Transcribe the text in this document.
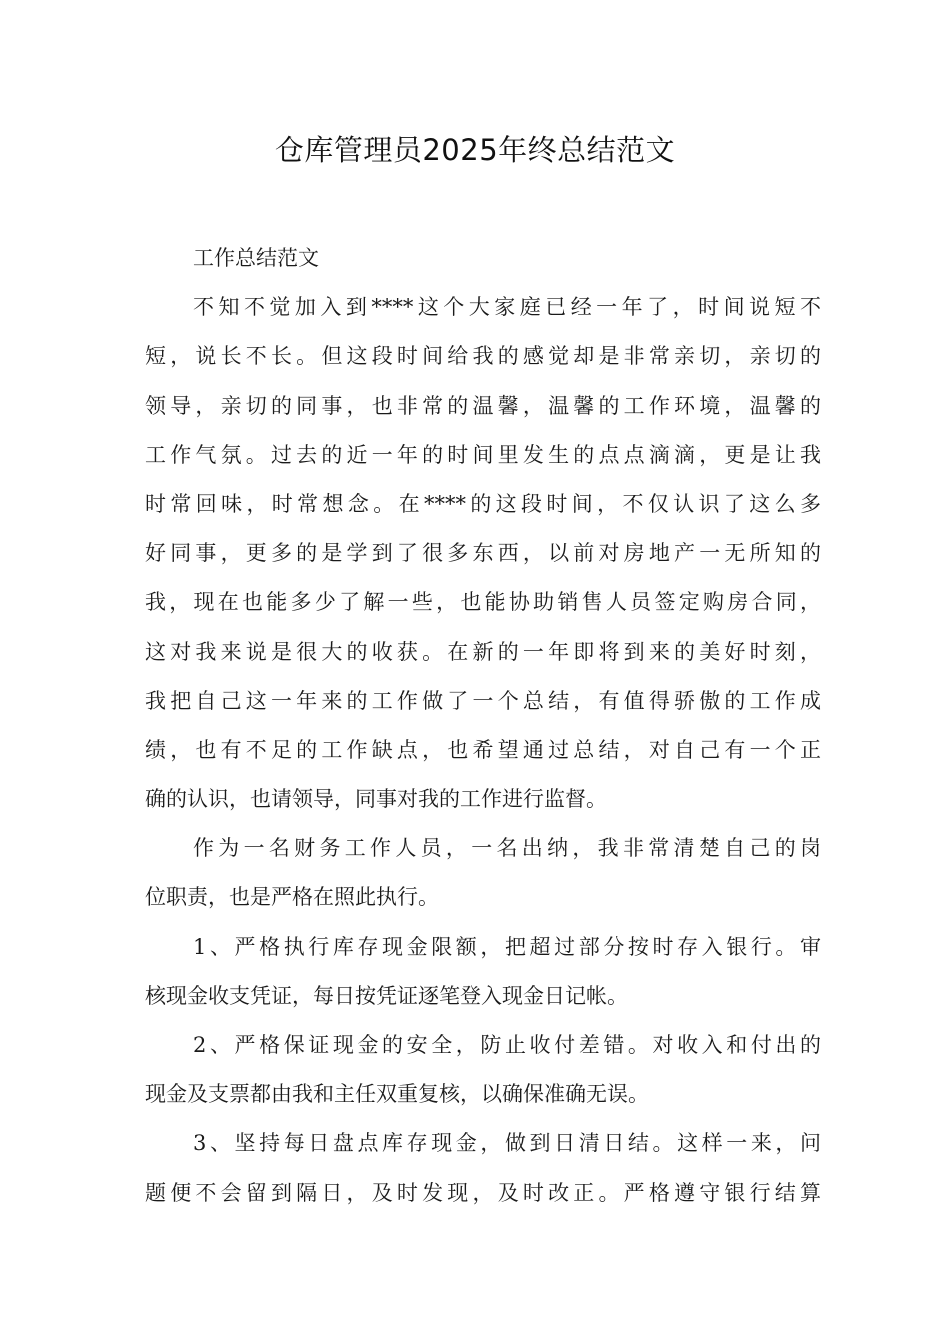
仓库管理员2025年终总结范文
工作总结范文
不知不觉加入到****这个大家庭已经一年了，时间说短不
短，说长不长。但这段时间给我的感觉却是非常亲切，亲切的
领导，亲切的同事，也非常的温馨，温馨的工作环境，温馨的
工作气氛。过去的近一年的时间里发生的点点滴滴，更是让我
时常回味，时常想念。在****的这段时间，不仅认识了这么多
好同事，更多的是学到了很多东西，以前对房地产一无所知的
我，现在也能多少了解一些，也能协助销售人员签定购房合同，
这对我来说是很大的收获。在新的一年即将到来的美好时刻，
我把自己这一年来的工作做了一个总结，有值得骄傲的工作成
绩，也有不足的工作缺点，也希望通过总结，对自己有一个正
确的认识，也请领导，同事对我的工作进行监督。
作为一名财务工作人员，一名出纳，我非常清楚自己的岗
位职责，也是严格在照此执行。
1、严格执行库存现金限额，把超过部分按时存入银行。审
核现金收支凭证，每日按凭证逐笔登入现金日记帐。
2、严格保证现金的安全，防止收付差错。对收入和付出的
现金及支票都由我和主任双重复核，以确保准确无误。
3、坚持每日盘点库存现金，做到日清日结。这样一来，问
题便不会留到隔日，及时发现，及时改正。严格遵守银行结算
